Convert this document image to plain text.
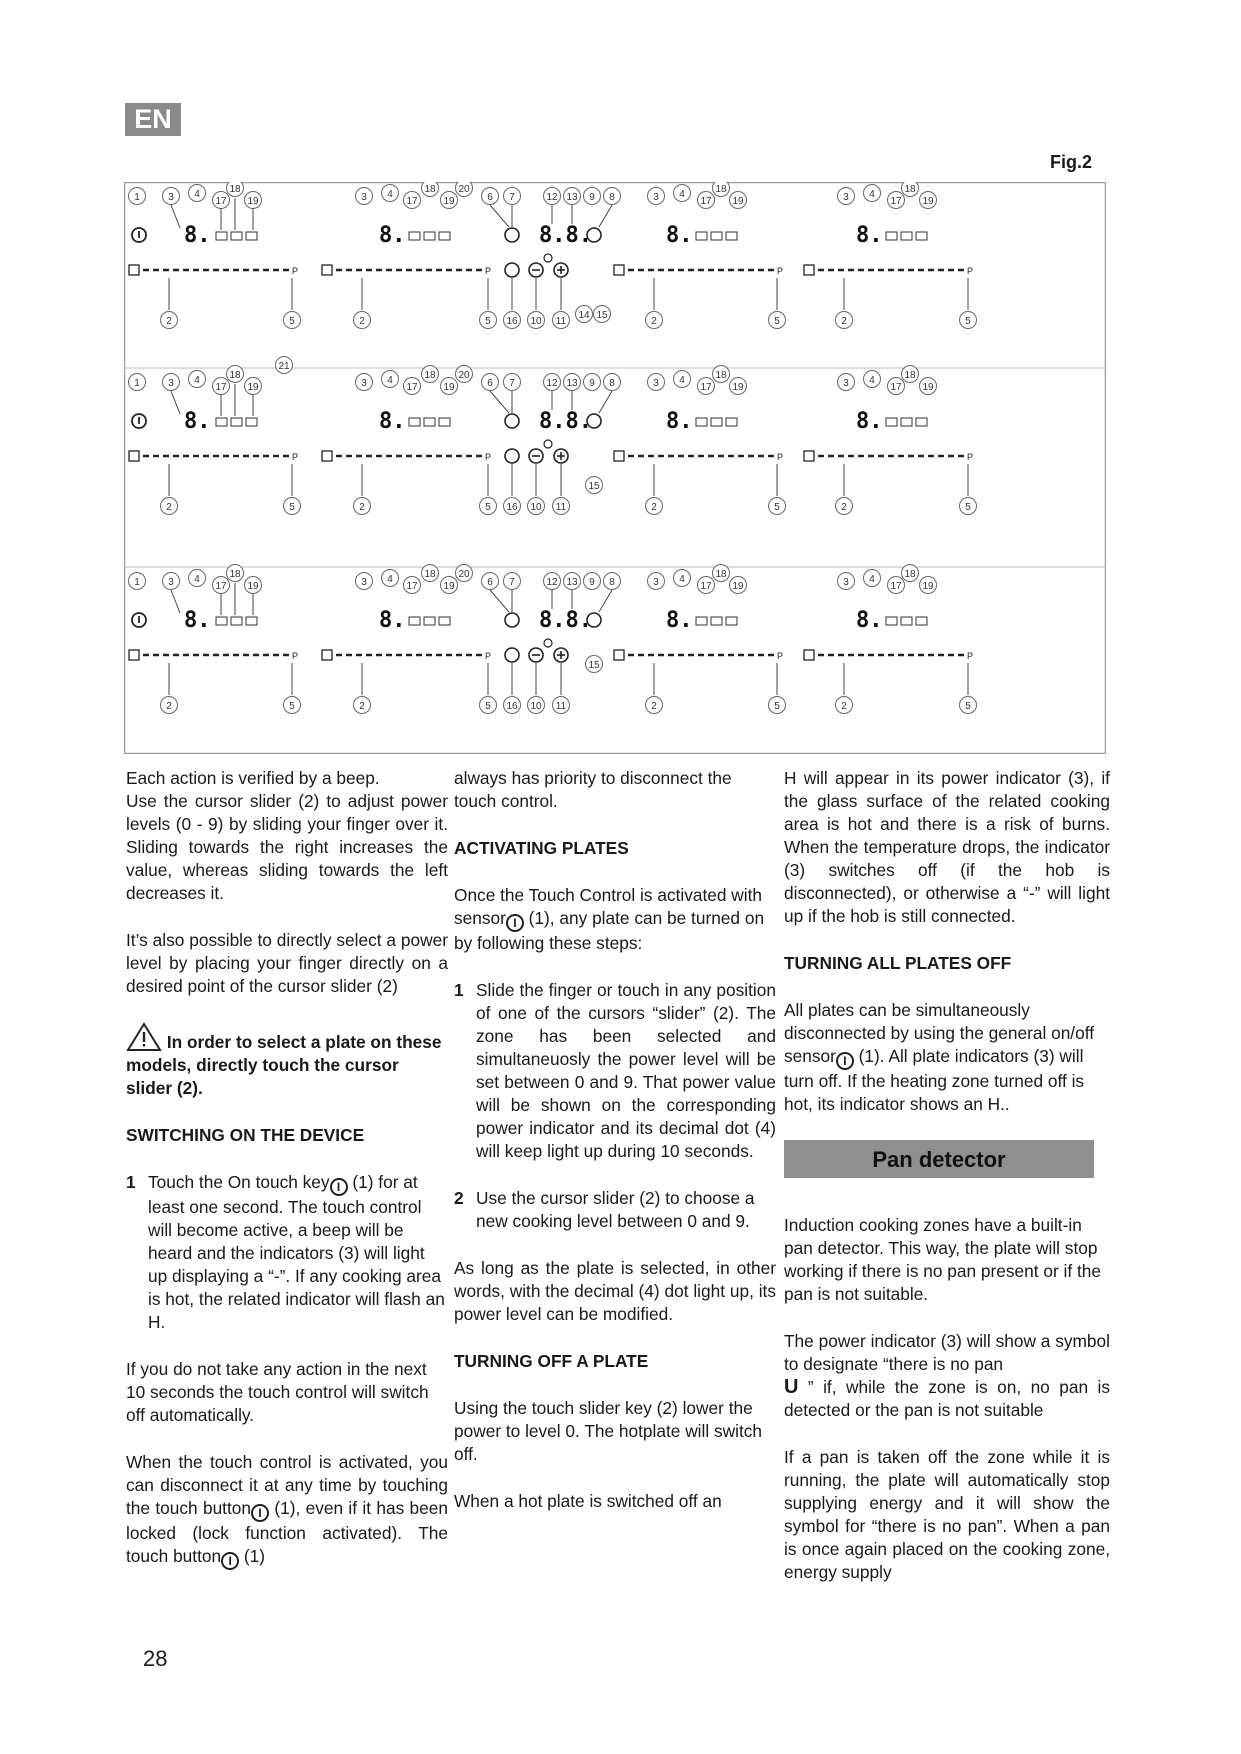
EN
Fig.2
1	3 4
17
18
19
8.
P
2	5
3 4
17
18
19
20
8.
P
2
6 7	12 13 9 8
8.8.
5 16 10 11
3 4
17
18
19
8.
P
2	5
3 4
17
18
19
8.
P
2	5
1	3 4
17
18
19
8.
P
2	5
3 4
17
18
19
20
8.
P
2
6 7	12 13 9 8
8.8.
5 16 10 11
3 4
17
18
19
8.
P
2	5
3 4
17
18
19
8.
P
2	5
1	3 4
17
18
19
8.
P
2	5
3 4
17
18
19
20
8.
P
2
6 7	12 13 9 8
8.8.
5 16 10 11
3 4
17
18
19
8.
P
2	5
3 4
17
18
19
8.
P
2	5
14 15
15
15
21

Each action is verified by a beep.

Use the cursor slider (2) to adjust power levels (0 - 9) by sliding your finger over it. Sliding towards the right increases the value, whereas sliding towards the left decreases it.

It’s also possible to directly select a power level by placing your finger directly on a desired point of the cursor slider (2)

In order to select a plate on these models, directly touch the cursor slider (2).
SWITCHING ON THE DEVICE
1 Touch the On touch key I (1) for at least one second. The touch control will become active, a beep will be heard and the indicators (3) will light up displaying a “-”. If any cooking area is hot, the related indicator will flash an H.

If you do not take any action in the next 10 seconds the touch control will switch off automatically.

When the touch control is activated, you can disconnect it at any time by touching the touch button I (1), even if it has been locked (lock function activated). The touch button I (1)

always has priority to disconnect the touch control.

ACTIVATING PLATES

Once the Touch Control is activated with sensor I (1), any plate can be turned on by following these steps:

1 Slide the finger or touch in any position of one of the cursors “slider” (2). The zone has been selected and simultaneuosly the power level will be set between 0 and 9. That power value will be shown on the corresponding power indicator and its decimal dot (4) will keep light up during 10 seconds.
2 Use the cursor slider (2) to choose a new cooking level between 0 and 9.

As long as the plate is selected, in other words, with the decimal (4) dot light up, its power level can be modified.

TURNING OFF A PLATE

Using the touch slider key (2) lower the power to level 0. The hotplate will switch off.

When a hot plate is switched off an

H will appear in its power indicator (3), if the glass surface of the related cooking area is hot and there is a risk of burns. When the temperature drops, the indicator (3) switches off (if the hob is disconnected), or otherwise a “-” will light up if the hob is still connected.

TURNING ALL PLATES OFF

All plates can be simultaneously disconnected by using the general on/off sensor I (1). All plate indicators (3) will turn off. If the heating zone turned off is hot, its indicator shows an H..

Pan detector

Induction cooking zones have a built-in pan detector. This way, the plate will stop working if there is no pan present or if the pan is not suitable.

The power indicator (3) will show a symbol to designate “there is no pan
U ” if, while the zone is on, no pan is detected or the pan is not suitable

If a pan is taken off the zone while it is running, the plate will automatically stop supplying energy and it will show the symbol for “there is no pan”. When a pan is once again placed on the cooking zone, energy supply

28
